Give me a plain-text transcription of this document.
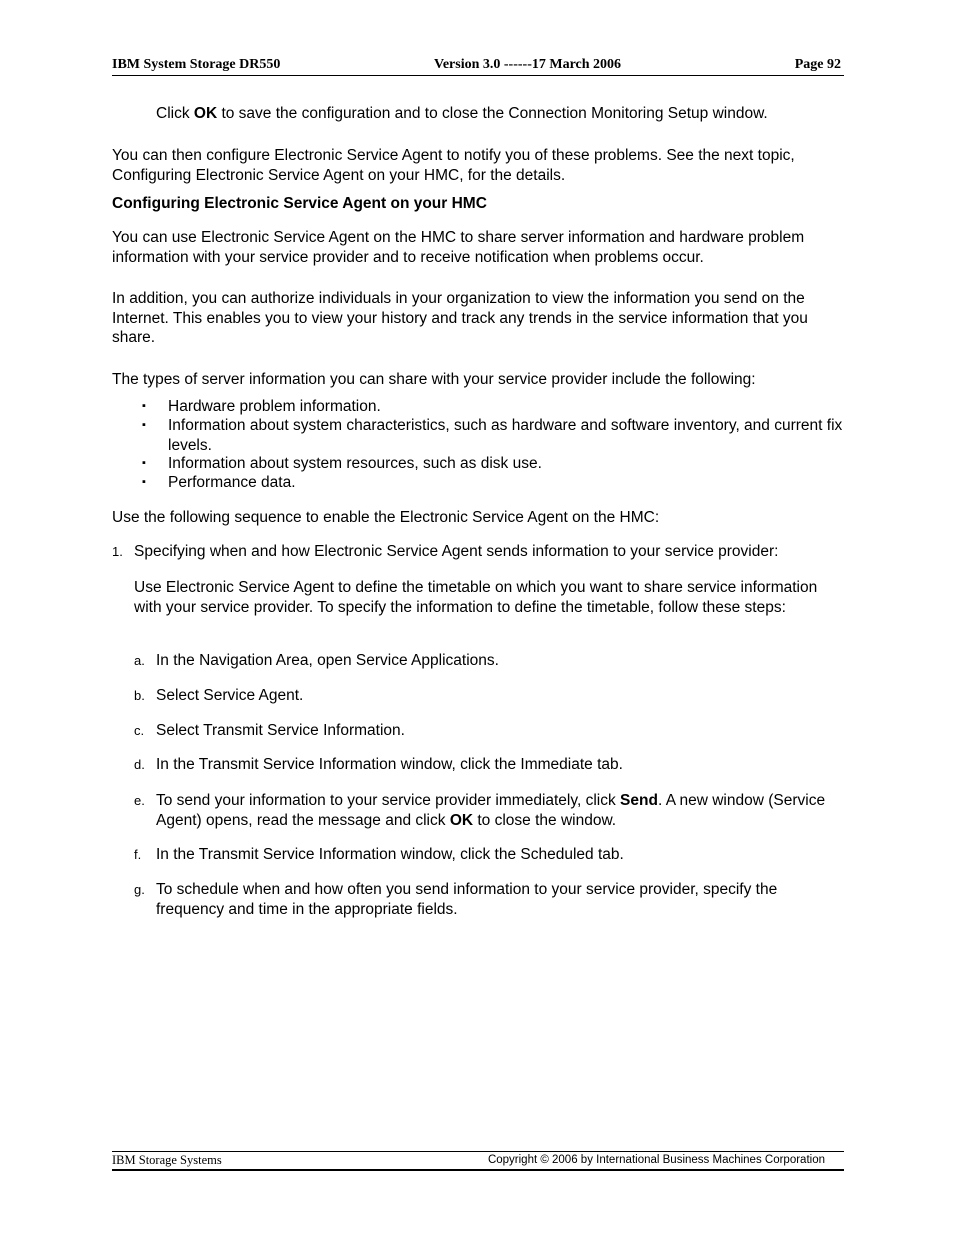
IBM System Storage DR550	Version 3.0 ------17 March 2006	Page 92

Click OK to save the configuration and to close the Connection Monitoring Setup window.

You can then configure Electronic Service Agent to notify you of these problems. See the next topic, Configuring Electronic Service Agent on your HMC, for the details.

Configuring Electronic Service Agent on your HMC

You can use Electronic Service Agent on the HMC to share server information and hardware problem information with your service provider and to receive notification when problems occur.

In addition, you can authorize individuals in your organization to view the information you send on the Internet. This enables you to view your history and track any trends in the service information that you share.

The types of server information you can share with your service provider include the following:

▪ Hardware problem information.
▪ Information about system characteristics, such as hardware and software inventory, and current fix levels.
▪ Information about system resources, such as disk use.
▪ Performance data.

Use the following sequence to enable the Electronic Service Agent on the HMC:

1. Specifying when and how Electronic Service Agent sends information to your service provider:

Use Electronic Service Agent to define the timetable on which you want to share service information with your service provider. To specify the information to define the timetable, follow these steps:

a. In the Navigation Area, open Service Applications.
b. Select Service Agent.
c. Select Transmit Service Information.
d. In the Transmit Service Information window, click the Immediate tab.
e. To send your information to your service provider immediately, click Send. A new window (Service Agent) opens, read the message and click OK to close the window.
f. In the Transmit Service Information window, click the Scheduled tab.
g. To schedule when and how often you send information to your service provider, specify the frequency and time in the appropriate fields.
IBM Storage Systems	Copyright © 2006 by International Business Machines Corporation
